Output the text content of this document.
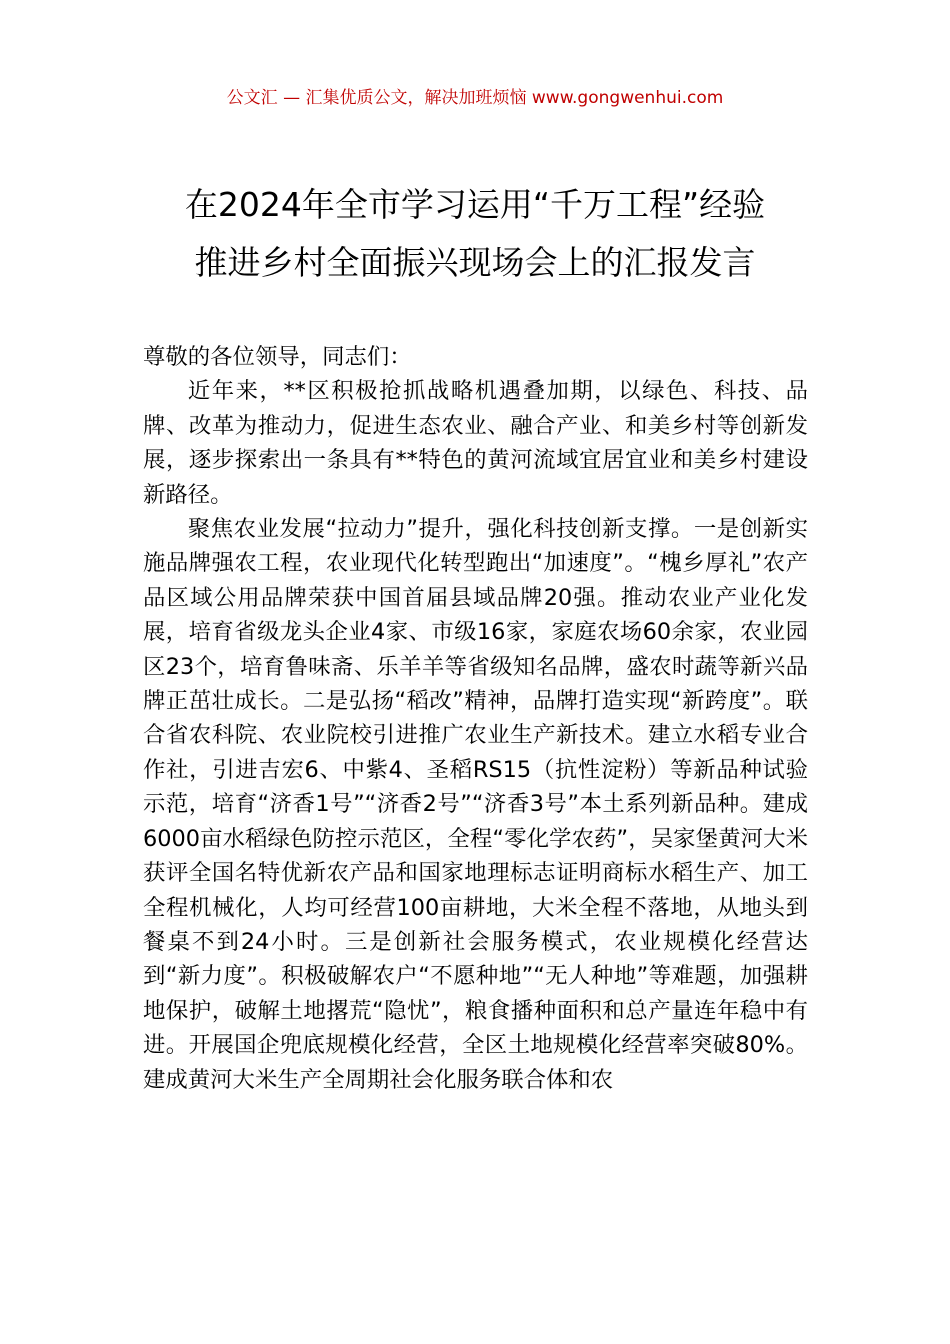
公文汇 — 汇集优质公文，解决加班烦恼 www.gongwenhui.com
在2024年全市学习运用“千万工程”经验
推进乡村全面振兴现场会上的汇报发言

尊敬的各位领导，同志们：

近年来，**区积极抢抓战略机遇叠加期，以绿色、科技、品牌、改革为推动力，促进生态农业、融合产业、和美乡村等创新发展，逐步探索出一条具有**特色的黄河流域宜居宜业和美乡村建设新路径。

聚焦农业发展“拉动力”提升，强化科技创新支撑。一是创新实施品牌强农工程，农业现代化转型跑出“加速度”。“槐乡厚礼”农产品区域公用品牌荣获中国首届县域品牌20强。推动农业产业化发展，培育省级龙头企业4家、市级16家，家庭农场60余家，农业园区23个，培育鲁味斋、乐羊羊等省级知名品牌，盛农时蔬等新兴品牌正茁壮成长。二是弘扬“稻改”精神，品牌打造实现“新跨度”。联合省农科院、农业院校引进推广农业生产新技术。建立水稻专业合作社，引进吉宏6、中紫4、圣稻RS15（抗性淀粉）等新品种试验示范，培育“济香1号”“济香2号”“济香3号”本土系列新品种。建成6000亩水稻绿色防控示范区，全程“零化学农药”，吴家堡黄河大米获评全国名特优新农产品和国家地理标志证明商标水稻生产、加工全程机械化，人均可经营100亩耕地，大米全程不落地，从地头到餐桌不到24小时。三是创新社会服务模式，农业规模化经营达到“新力度”。积极破解农户“不愿种地”“无人种地”等难题，加强耕地保护，破解土地撂荒“隐忧”，粮食播种面积和总产量连年稳中有进。开展国企兜底规模化经营，全区土地规模化经营率突破80%。建成黄河大米生产全周期社会化服务联合体和农
